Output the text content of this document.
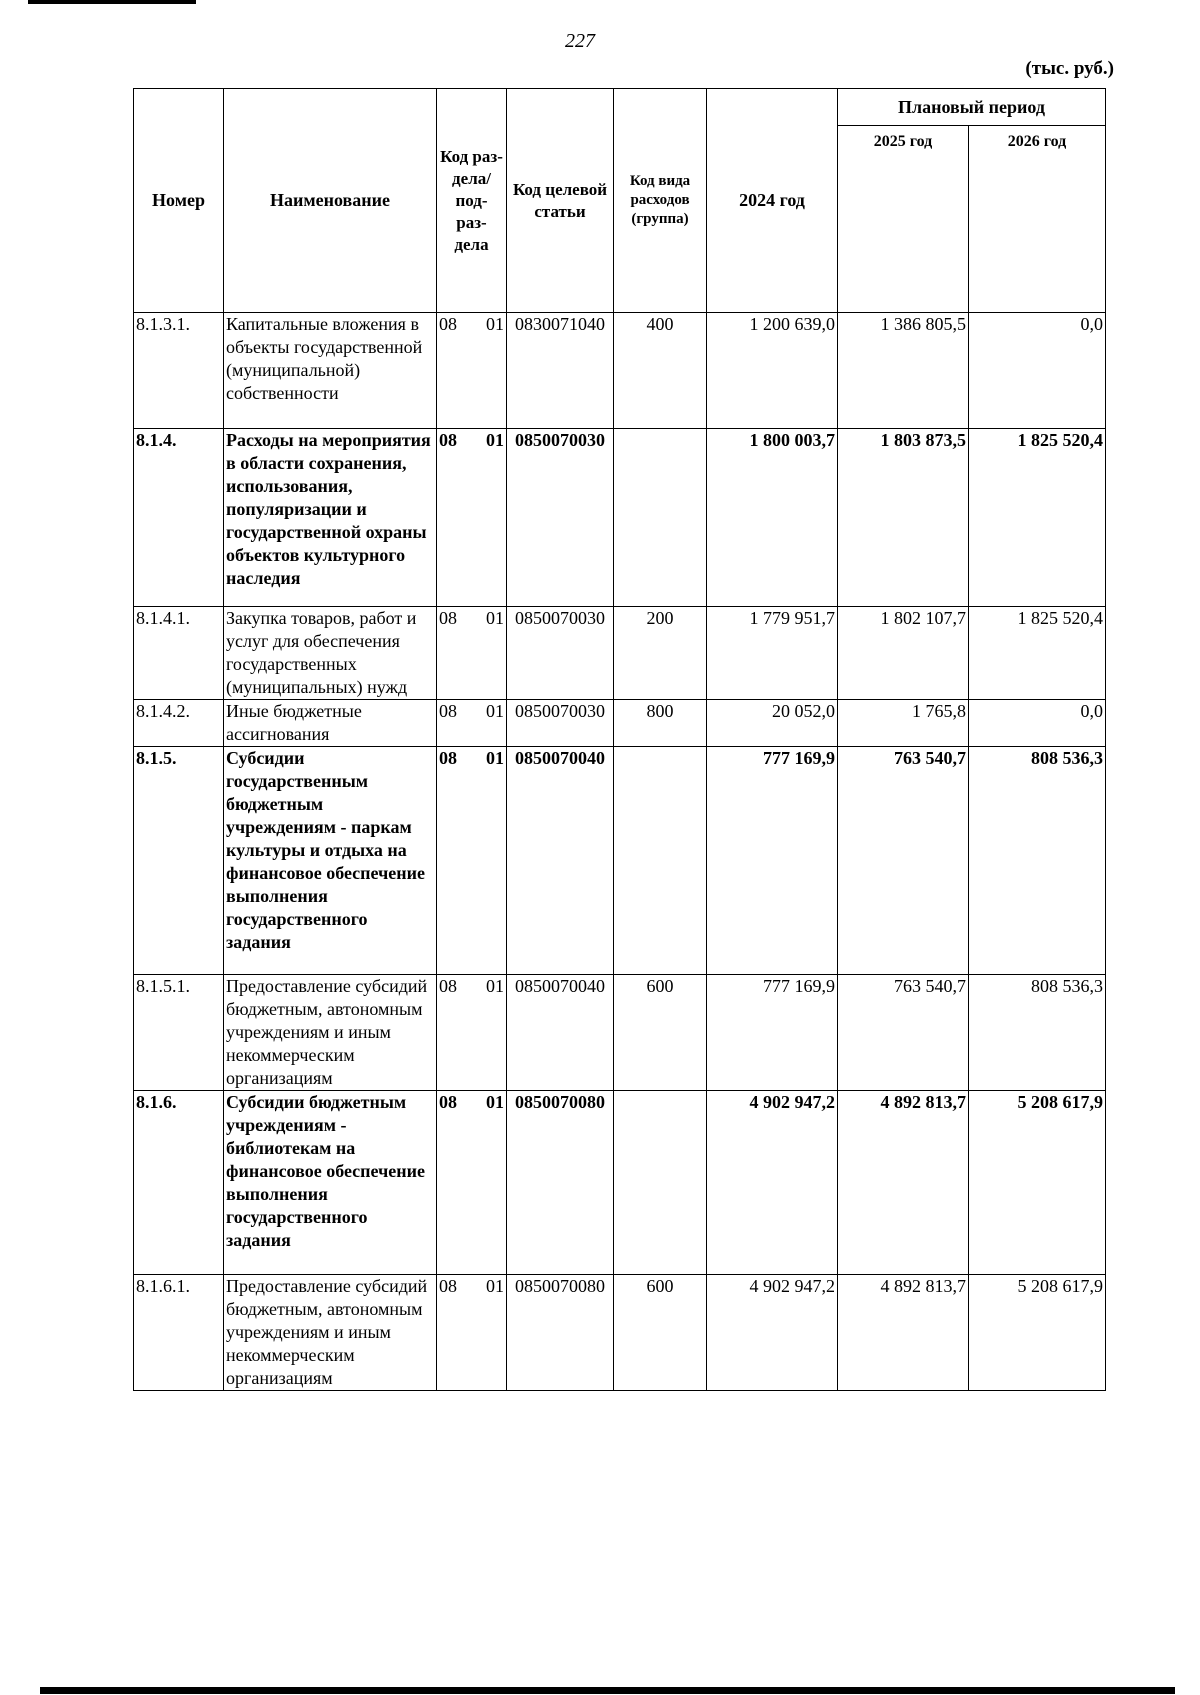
227
(тыс. руб.)
Номер	Наименование	Код раз- дела/ под- раз- дела	Код целевой статьи	Код вида расходов (группа)	2024 год	Плановый период	
						2025 год	2026 год
8.1.3.1.	Капитальные вложения в объекты государственной (муниципальной) собственности	08 01	0830071040	400	1 200 639,0	1 386 805,5	0,0
8.1.4.	Расходы на мероприятия в области сохранения, использования, популяризации и государственной охраны объектов культурного наследия	08 01	0850070030		1 800 003,7	1 803 873,5	1 825 520,4
8.1.4.1.	Закупка товаров, работ и услуг для обеспечения государственных (муниципальных) нужд	08 01	0850070030	200	1 779 951,7	1 802 107,7	1 825 520,4
8.1.4.2.	Иные бюджетные ассигнования	08 01	0850070030	800	20 052,0	1 765,8	0,0
8.1.5.	Субсидии государственным бюджетным учреждениям - паркам культуры и отдыха на финансовое обеспечение выполнения государственного задания	08 01	0850070040		777 169,9	763 540,7	808 536,3
8.1.5.1.	Предоставление субсидий бюджетным, автономным учреждениям и иным некоммерческим организациям	08 01	0850070040	600	777 169,9	763 540,7	808 536,3
8.1.6.	Субсидии бюджетным учреждениям - библиотекам на финансовое обеспечение выполнения государственного задания	08 01	0850070080		4 902 947,2	4 892 813,7	5 208 617,9
8.1.6.1.	Предоставление субсидий бюджетным, автономным учреждениям и иным некоммерческим организациям	08 01	0850070080	600	4 902 947,2	4 892 813,7	5 208 617,9
